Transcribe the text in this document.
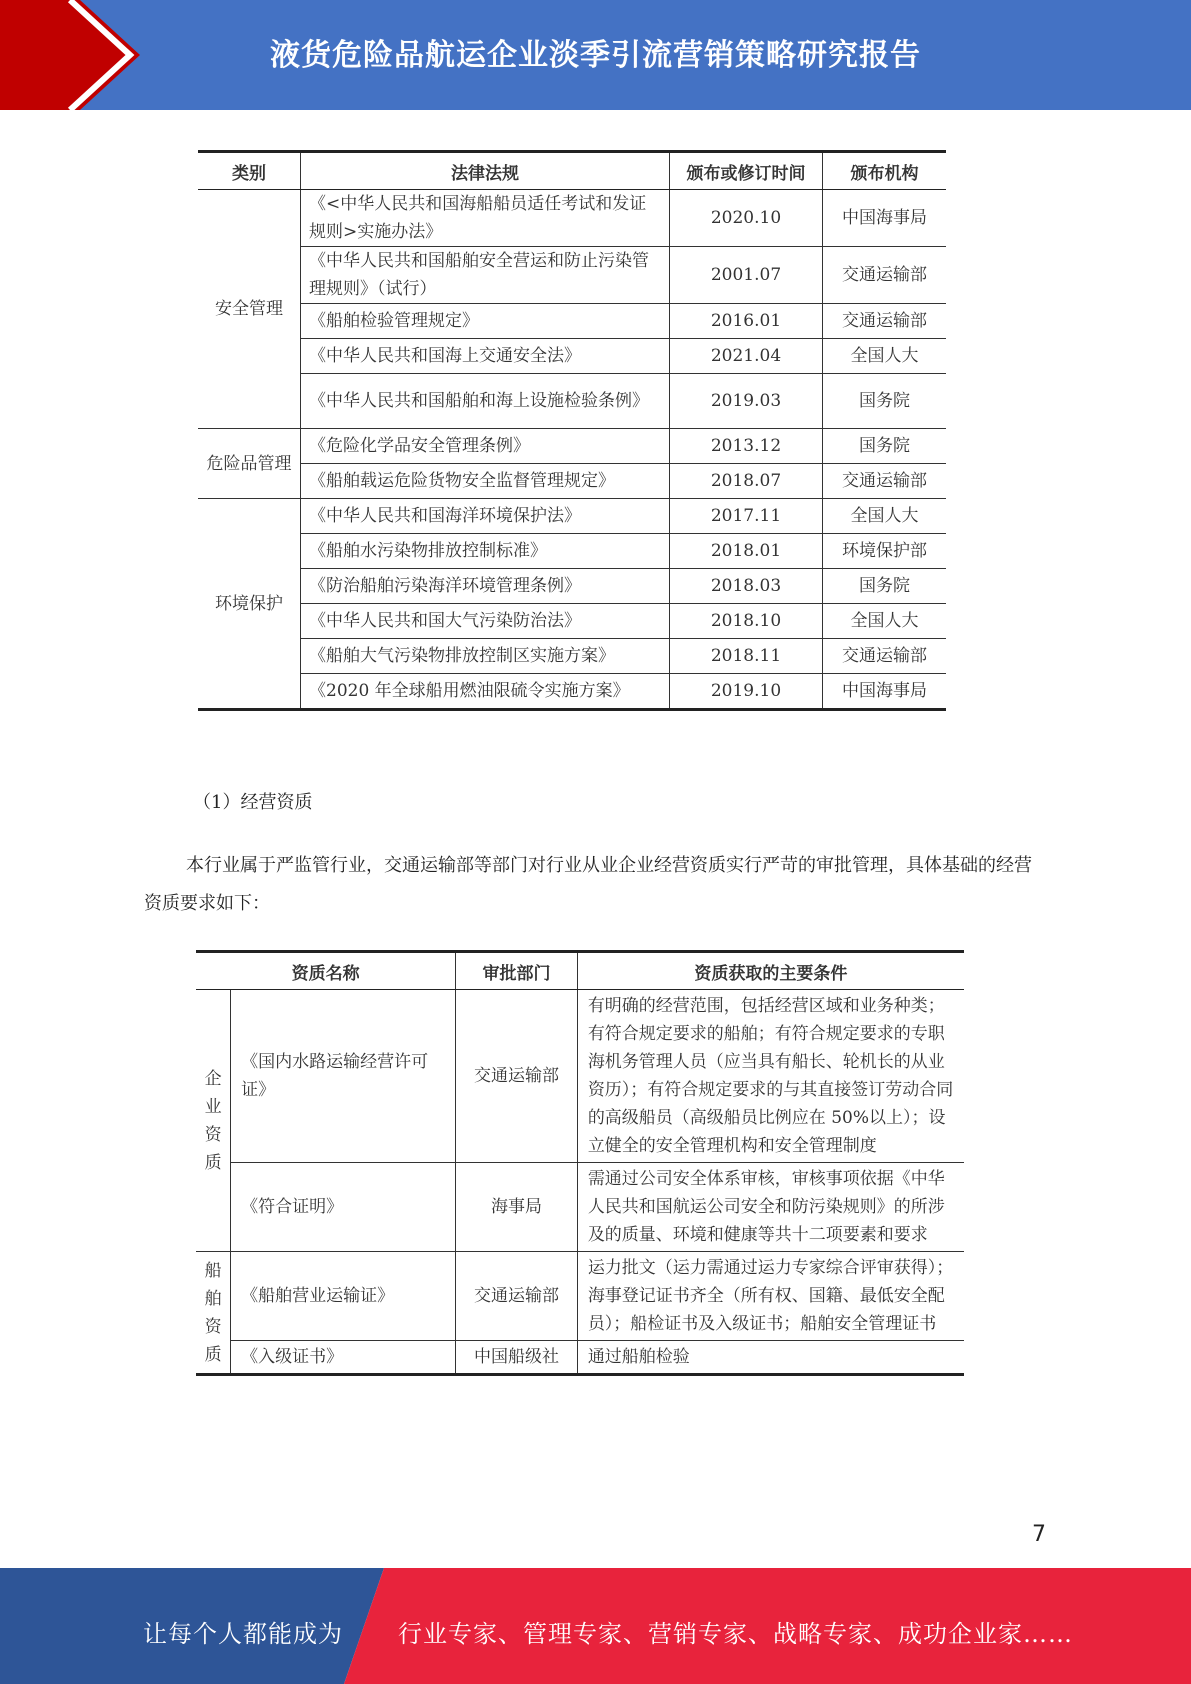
液货危险品航运企业淡季引流营销策略研究报告
类别	法律法规	颁布或修订时间	颁布机构
安全管理	《<中华人民共和国海船船员适任考试和发证规则>实施办法》	2020.10	中国海事局
	《中华人民共和国船舶安全营运和防止污染管理规则》（试行）	2001.07	交通运输部
	《船舶检验管理规定》	2016.01	交通运输部
	《中华人民共和国海上交通安全法》	2021.04	全国人大
	《中华人民共和国船舶和海上设施检验条例》	2019.03	国务院
危险品管理	《危险化学品安全管理条例》	2013.12	国务院
	《船舶载运危险货物安全监督管理规定》	2018.07	交通运输部
环境保护	《中华人民共和国海洋环境保护法》	2017.11	全国人大
	《船舶水污染物排放控制标准》	2018.01	环境保护部
	《防治船舶污染海洋环境管理条例》	2018.03	国务院
	《中华人民共和国大气污染防治法》	2018.10	全国人大
	《船舶大气污染物排放控制区实施方案》	2018.11	交通运输部
	《2020 年全球船用燃油限硫令实施方案》	2019.10	中国海事局
（1）经营资质
本行业属于严监管行业，交通运输部等部门对行业从业企业经营资质实行严苛的审批管理，具体基础的经营资质要求如下：
资质名称		审批部门	资质获取的主要条件
企业资质	《国内水路运输经营许可证》	交通运输部	有明确的经营范围，包括经营区域和业务种类；有符合规定要求的船舶；有符合规定要求的专职海机务管理人员（应当具有船长、轮机长的从业资历）；有符合规定要求的与其直接签订劳动合同的高级船员（高级船员比例应在 50%以上）；设立健全的安全管理机构和安全管理制度
	《符合证明》	海事局	需通过公司安全体系审核，审核事项依据《中华人民共和国航运公司安全和防污染规则》的所涉及的质量、环境和健康等共十二项要素和要求
船舶资质	《船舶营业运输证》	交通运输部	运力批文（运力需通过运力专家综合评审获得）；海事登记证书齐全（所有权、国籍、最低安全配员）；船检证书及入级证书；船舶安全管理证书
	《入级证书》	中国船级社	通过船舶检验
7
让每个人都能成为 行业专家、管理专家、营销专家、战略专家、成功企业家……
